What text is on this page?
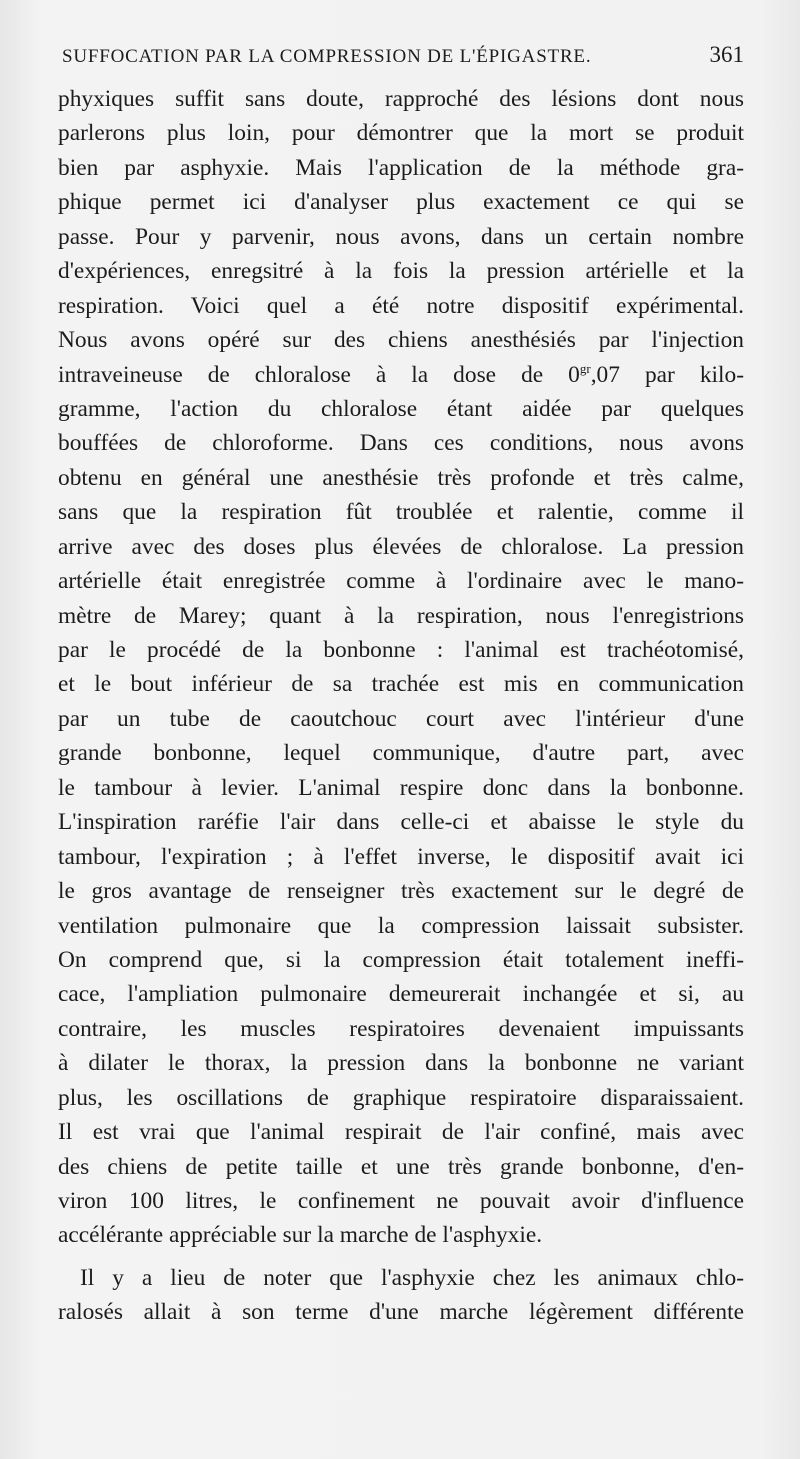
SUFFOCATION PAR LA COMPRESSION DE L'ÉPIGASTRE.	361
phyxiques suffit sans doute, rapproché des lésions dont nous
parlerons plus loin, pour démontrer que la mort se produit
bien par asphyxie. Mais l'application de la méthode gra-
phique permet ici d'analyser plus exactement ce qui se
passe. Pour y parvenir, nous avons, dans un certain nombre
d'expériences, enregsitré à la fois la pression artérielle et la
respiration. Voici quel a été notre dispositif expérimental.
Nous avons opéré sur des chiens anesthésiés par l'injection
intraveineuse de chloralose à la dose de $0^{gr},07$ par kilo-
gramme, l'action du chloralose étant aidée par quelques
bouffées de chloroforme. Dans ces conditions, nous avons
obtenu en général une anesthésie très profonde et très calme,
sans que la respiration fût troublée et ralentie, comme il
arrive avec des doses plus élevées de chloralose. La pression
artérielle était enregistrée comme à l'ordinaire avec le mano-
mètre de Marey; quant à la respiration, nous l'enregistrions
par le procédé de la bonbonne : l'animal est trachéotomisé,
et le bout inférieur de sa trachée est mis en communication
par un tube de caoutchouc court avec l'intérieur d'une
grande bonbonne, lequel communique, d'autre part, avec
le tambour à levier. L'animal respire donc dans la bonbonne.
L'inspiration raréfie l'air dans celle-ci et abaisse le style du
tambour, l'expiration ; à l'effet inverse, le dispositif avait ici
le gros avantage de renseigner très exactement sur le degré de
ventilation pulmonaire que la compression laissait subsister.
On comprend que, si la compression était totalement ineffi-
cace, l'ampliation pulmonaire demeurerait inchangée et si, au
contraire, les muscles respiratoires devenaient impuissants
à dilater le thorax, la pression dans la bonbonne ne variant
plus, les oscillations de graphique respiratoire disparaissaient.
Il est vrai que l'animal respirait de l'air confiné, mais avec
des chiens de petite taille et une très grande bonbonne, d'en-
viron 100 litres, le confinement ne pouvait avoir d'influence
accélérante appréciable sur la marche de l'asphyxie.
Il y a lieu de noter que l'asphyxie chez les animaux chlo-
ralosés allait à son terme d'une marche légèrement différente
